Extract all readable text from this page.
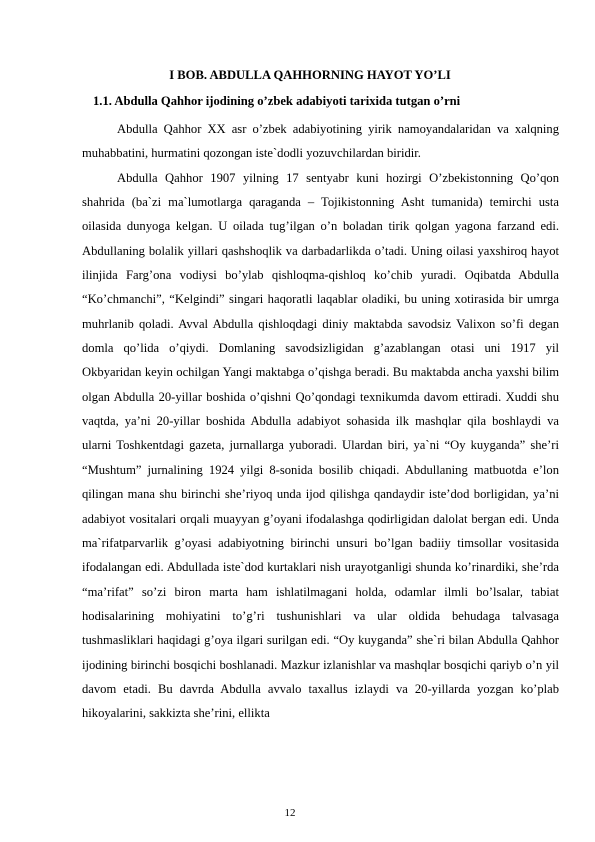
I BOB. ABDULLA QAHHORNING HAYOT YO’LI
1.1. Abdulla Qahhor ijodining o’zbek adabiyoti tarixida tutgan o’rni

Abdulla Qahhor XX asr o’zbek adabiyotining yirik namoyandalaridan va xalqning muhabbatini, hurmatini qozongan iste`dodli yozuvchilardan biridir.

Abdulla Qahhor 1907 yilning 17 sentyabr kuni hozirgi O’zbekistonning Qo’qon shahrida (ba`zi ma`lumotlarga qaraganda – Tojikistonning Asht tumanida) temirchi usta oilasida dunyoga kelgan. U oilada tug’ilgan o’n boladan tirik qolgan yagona farzand edi. Abdullaning bolalik yillari qashshoqlik va darbadarlikda o’tadi. Uning oilasi yaxshiroq hayot ilinjida Farg’ona vodiysi bo’ylab qishloqma-qishloq ko’chib yuradi. Oqibatda Abdulla “Ko’chmanchi”, “Kelgindi” singari haqoratli laqablar oladiki, bu uning xotirasida bir umrga muhrlanib qoladi. Avval Abdulla qishloqdagi diniy maktabda savodsiz Valixon so’fi degan domla qo’lida o’qiydi. Domlaning savodsizligidan g’azablangan otasi uni 1917 yil Okbyaridan keyin ochilgan Yangi maktabga o’qishga beradi. Bu maktabda ancha yaxshi bilim olgan Abdulla 20-yillar boshida o’qishni Qo’qondagi texnikumda davom ettiradi. Xuddi shu vaqtda, ya’ni 20-yillar boshida Abdulla adabiyot sohasida ilk mashqlar qila boshlaydi va ularni Toshkentdagi gazeta, jurnallarga yuboradi. Ulardan biri, ya`ni “Oy kuyganda” she’ri “Mushtum” jurnalining 1924 yilgi 8-sonida bosilib chiqadi. Abdullaning matbuotda e’lon qilingan mana shu birinchi she’riyoq unda ijod qilishga qandaydir iste’dod borligidan, ya’ni adabiyot vositalari orqali muayyan g’oyani ifodalashga qodirligidan dalolat bergan edi. Unda ma`rifatparvarlik g’oyasi adabiyotning birinchi unsuri bo’lgan badiiy timsollar vositasida ifodalangan edi. Abdullada iste`dod kurtaklari nish urayotganligi shunda ko’rinardiki, she’rda “ma’rifat” so’zi biron marta ham ishlatilmagani holda, odamlar ilmli bo’lsalar, tabiat hodisalarining mohiyatini to’g’ri tushunishlari va ular oldida behudaga talvasaga tushmasliklari haqidagi g’oya ilgari surilgan edi. “Oy kuyganda” she`ri bilan Abdulla Qahhor ijodining birinchi bosqichi boshlanadi. Mazkur izlanishlar va mashqlar bosqichi qariyb o’n yil davom etadi. Bu davrda Abdulla avvalo taxallus izlaydi va 20-yillarda yozgan ko’plab hikoyalarini, sakkizta she’rini, ellikta

12
